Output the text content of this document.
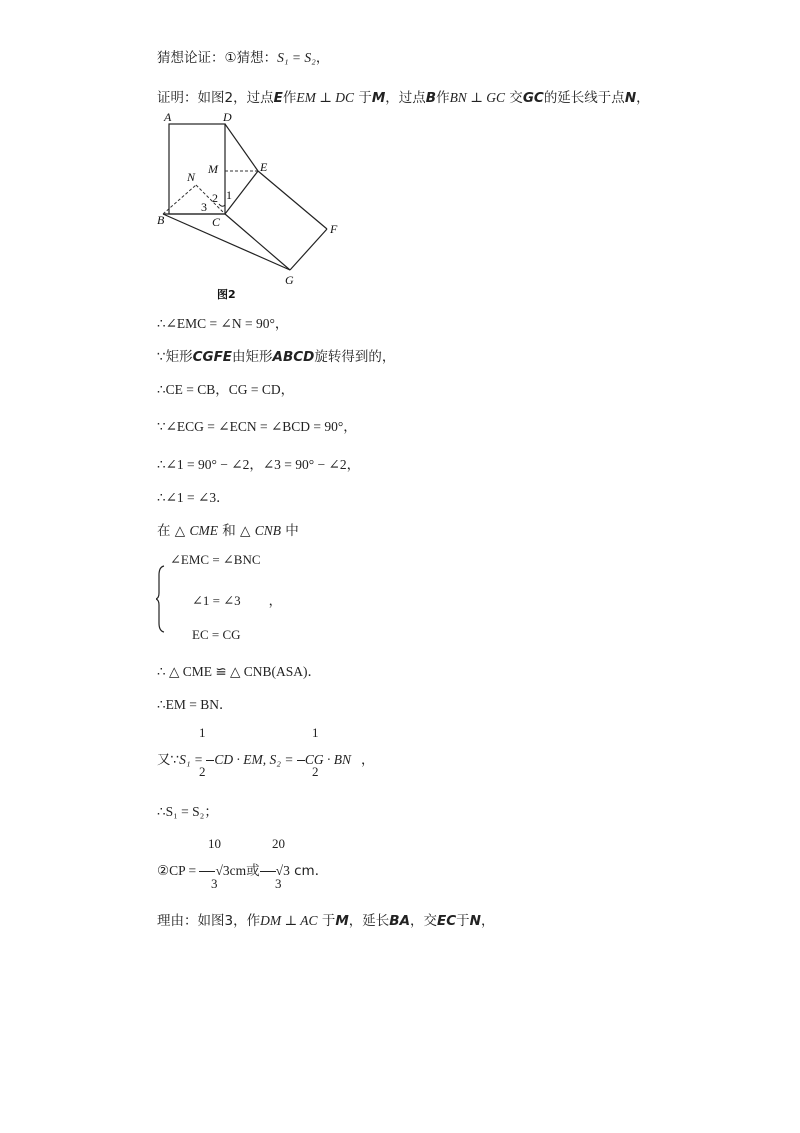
猜想论证：①猜想：S₁ = S₂，
证明：如图2，过点E作EM ⊥ DC 于M，过点B作BN ⊥ GC 交GC的延长线于点N，
A	D
M	E
N
2 1
3
B	C	F
G
图2
∴∠EMC = ∠N = 90°，
∵矩形CGFE由矩形ABCD旋转得到的，
∴CE = CB，CG = CD，
∵∠ECG = ∠ECN = ∠BCD = 90°，
∴∠1 = 90° − ∠2，∠3 = 90° − ∠2，
∴∠1 = ∠3．
在 △ CME 和 △ CNB 中
∠EMC = ∠BNC
∠1 = ∠3 ，
EC = CG
∴ △ CME ≌ △ CNB(ASA)．
∴EM = BN．
1
2
1
2
又∵S₁ = CD · EM, S₂ = CG · BN ，
∴S₁ = S₂；
10
3
20
3
②CP = √3cm或 √3 cm．
理由：如图3，作DM ⊥ AC 于M，延长BA，交EC于N，
